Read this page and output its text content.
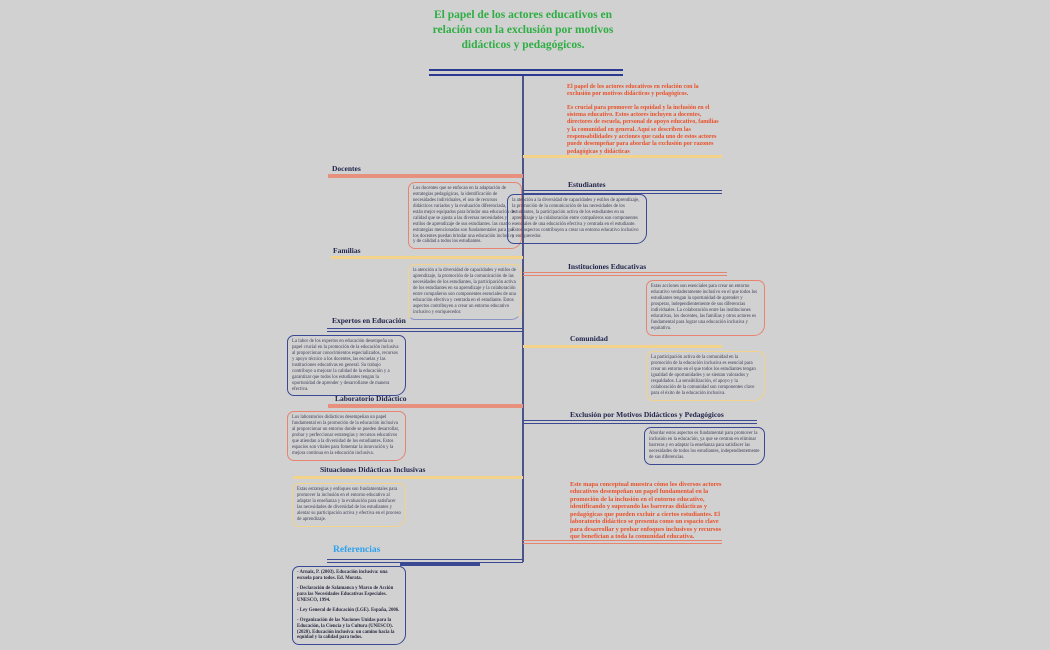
El papel de los actores educativos en relación con la exclusión por motivos didácticos y pedagógicos.

El papel de los actores educativos en relación con la exclusión por motivos didácticos y pedagógicos.

Es crucial para promover la equidad y la inclusión en el sistema educativo. Estos actores incluyen a docentes, directores de escuela, personal de apoyo educativo, familias y la comunidad en general. Aquí se describen las responsabilidades y acciones que cada uno de estos actores puede desempeñar para abordar la exclusión por razones pedagógicas y didácticas

Docentes
Estudiantes
Familias
Instituciones Educativas
Expertos en Educación
Comunidad
Laboratorio Didáctico
Exclusión por Motivos Didácticos y Pedagógicos
Situaciones Didácticas Inclusivas
Referencias
Los docentes que se enfocan en la adaptación de estrategias pedagógicas, la identificación de necesidades individuales, el uso de recursos didácticos variados y la evaluación diferenciada, están mejor equipados para brindar una educación de calidad que se ajusta a las diversas necesidades y estilos de aprendizaje de sus estudiantes. las cuatro estrategias mencionadas son fundamentales para que los docentes puedan brindar una educación inclusiva y de calidad a todos los estudiantes.
la atención a la diversidad de capacidades y estilos de aprendizaje, la promoción de la comunicación de las necesidades de los estudiantes, la participación activa de los estudiantes en su aprendizaje y la colaboración entre compañeros son componentes esenciales de una educación efectiva y centrada en el estudiante. Estos aspectos contribuyen a crear un entorno educativo inclusivo y enriquecedor.
la atención a la diversidad de capacidades y estilos de aprendizaje, la promoción de la comunicación de las necesidades de los estudiantes, la participación activa de los estudiantes en su aprendizaje y la colaboración entre compañeros son componentes esenciales de una educación efectiva y centrada en el estudiante. Estos aspectos contribuyen a crear un entorno educativo inclusivo y enriquecedor.
Estas acciones son esenciales para crear un entorno educativo verdaderamente inclusivo en el que todos los estudiantes tengan la oportunidad de aprender y prosperar, independientemente de sus diferencias individuales. La colaboración entre las instituciones educativas, los docentes, las familias y otros actores es fundamental para lograr una educación inclusiva y equitativa.
La labor de los expertos en educación desempeña un papel crucial en la promoción de la educación inclusiva al proporcionar conocimientos especializados, recursos y apoyo técnico a los docentes, las escuelas y las instituciones educativas en general. Su trabajo contribuye a mejorar la calidad de la educación y a garantizar que todos los estudiantes tengan la oportunidad de aprender y desarrollarse de manera efectiva.
La participación activa de la comunidad en la promoción de la educación inclusiva es esencial para crear un entorno en el que todos los estudiantes tengan igualdad de oportunidades y se sientan valorados y respaldados. La sensibilización, el apoyo y la colaboración de la comunidad son componentes clave para el éxito de la educación inclusiva.
Los laboratorios didácticos desempeñan un papel fundamental en la promoción de la educación inclusiva al proporcionar un entorno donde se pueden desarrollar, probar y perfeccionar estrategias y recursos educativos que atiendan a la diversidad de los estudiantes. Estos espacios son vitales para fomentar la innovación y la mejora continua en la educación inclusiva.
Abordar estos aspectos es fundamental para promover la inclusión en la educación, ya que se centran en eliminar barreras y en adaptar la enseñanza para satisfacer las necesidades de todos los estudiantes, independientemente de sus diferencias.
Estas estrategias y enfoques son fundamentales para promover la inclusión en el entorno educativo al adaptar la enseñanza y la evaluación para satisfacer las necesidades de diversidad de los estudiantes y alentar su participación activa y efectiva en el proceso de aprendizaje.
Este mapa conceptual muestra cómo los diversos actores educativos desempeñan un papel fundamental en la promoción de la inclusión en el entorno educativo, identificando y superando las barreras didácticas y pedagógicas que pueden excluir a ciertos estudiantes. El laboratorio didáctico se presenta como un espacio clave para desarrollar y probar enfoques inclusivos y recursos que benefician a toda la comunidad educativa.

- Arnaiz, P. (2003). Educación inclusiva: una escuela para todos. Ed. Morata.

- Declaración de Salamanca y Marco de Acción para las Necesidades Educativas Especiales. UNESCO, 1994.

- Ley General de Educación (LGE). España, 2006.

- Organización de las Naciones Unidas para la Educación, la Ciencia y la Cultura (UNESCO). (2020). Educación inclusiva: un camino hacia la equidad y la calidad para todos.
